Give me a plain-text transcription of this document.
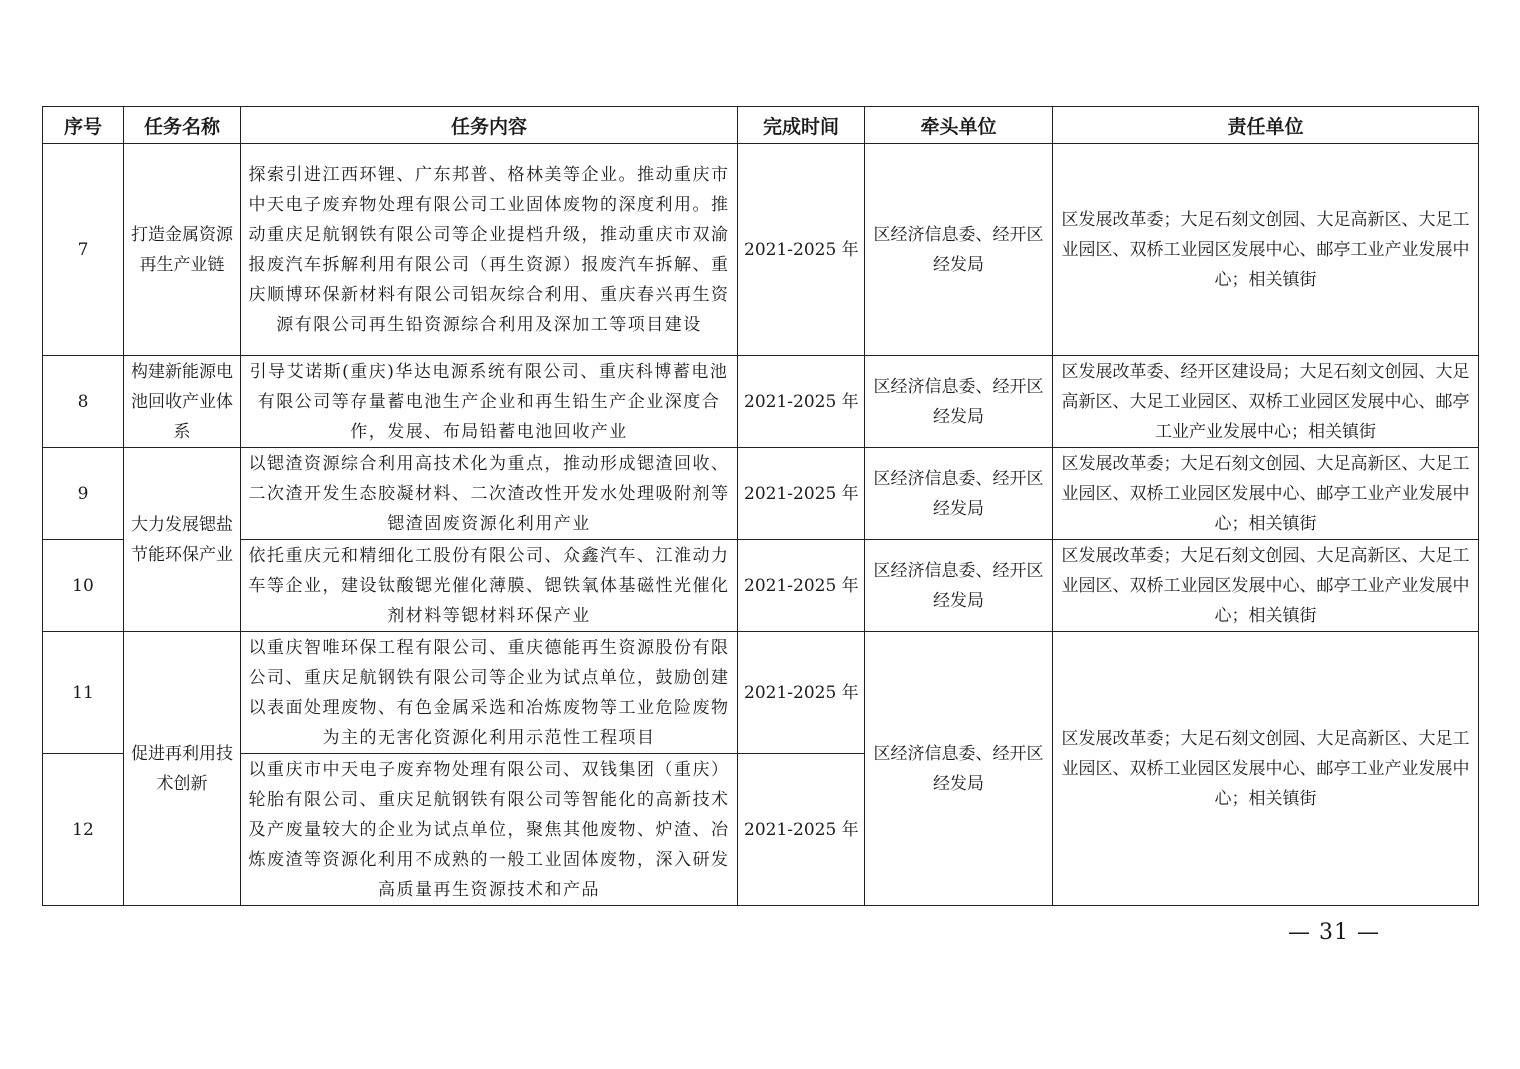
序号	任务名称	任务内容	完成时间	牵头单位	责任单位
7	打造金属资源再生产业链	探索引进江西环锂、广东邦普、格林美等企业。推动重庆市中天电子废弃物处理有限公司工业固体废物的深度利用。推动重庆足航钢铁有限公司等企业提档升级，推动重庆市双渝报废汽车拆解利用有限公司（再生资源）报废汽车拆解、重庆顺博环保新材料有限公司铝灰综合利用、重庆春兴再生资源有限公司再生铅资源综合利用及深加工等项目建设	2021-2025 年	区经济信息委、经开区经发局	区发展改革委；大足石刻文创园、大足高新区、大足工业园区、双桥工业园区发展中心、邮亭工业产业发展中心；相关镇街
8	构建新能源电池回收产业体系	引导艾诺斯(重庆)华达电源系统有限公司、重庆科博蓄电池有限公司等存量蓄电池生产企业和再生铅生产企业深度合作，发展、布局铅蓄电池回收产业	2021-2025 年	区经济信息委、经开区经发局	区发展改革委、经开区建设局；大足石刻文创园、大足高新区、大足工业园区、双桥工业园区发展中心、邮亭工业产业发展中心；相关镇街
9	大力发展锶盐节能环保产业	以锶渣资源综合利用高技术化为重点，推动形成锶渣回收、二次渣开发生态胶凝材料、二次渣改性开发水处理吸附剂等锶渣固废资源化利用产业	2021-2025 年	区经济信息委、经开区经发局	区发展改革委；大足石刻文创园、大足高新区、大足工业园区、双桥工业园区发展中心、邮亭工业产业发展中心；相关镇街
10		依托重庆元和精细化工股份有限公司、众鑫汽车、江淮动力车等企业，建设钛酸锶光催化薄膜、锶铁氧体基磁性光催化剂材料等锶材料环保产业	2021-2025 年	区经济信息委、经开区经发局	区发展改革委；大足石刻文创园、大足高新区、大足工业园区、双桥工业园区发展中心、邮亭工业产业发展中心；相关镇街
11	促进再利用技术创新	以重庆智唯环保工程有限公司、重庆德能再生资源股份有限公司、重庆足航钢铁有限公司等企业为试点单位，鼓励创建以表面处理废物、有色金属采选和冶炼废物等工业危险废物为主的无害化资源化利用示范性工程项目	2021-2025 年	区经济信息委、经开区经发局	区发展改革委；大足石刻文创园、大足高新区、大足工业园区、双桥工业园区发展中心、邮亭工业产业发展中心；相关镇街
12		以重庆市中天电子废弃物处理有限公司、双钱集团（重庆）轮胎有限公司、重庆足航钢铁有限公司等智能化的高新技术及产废量较大的企业为试点单位，聚焦其他废物、炉渣、冶炼废渣等资源化利用不成熟的一般工业固体废物，深入研发高质量再生资源技术和产品	2021-2025 年		
— 31 —
